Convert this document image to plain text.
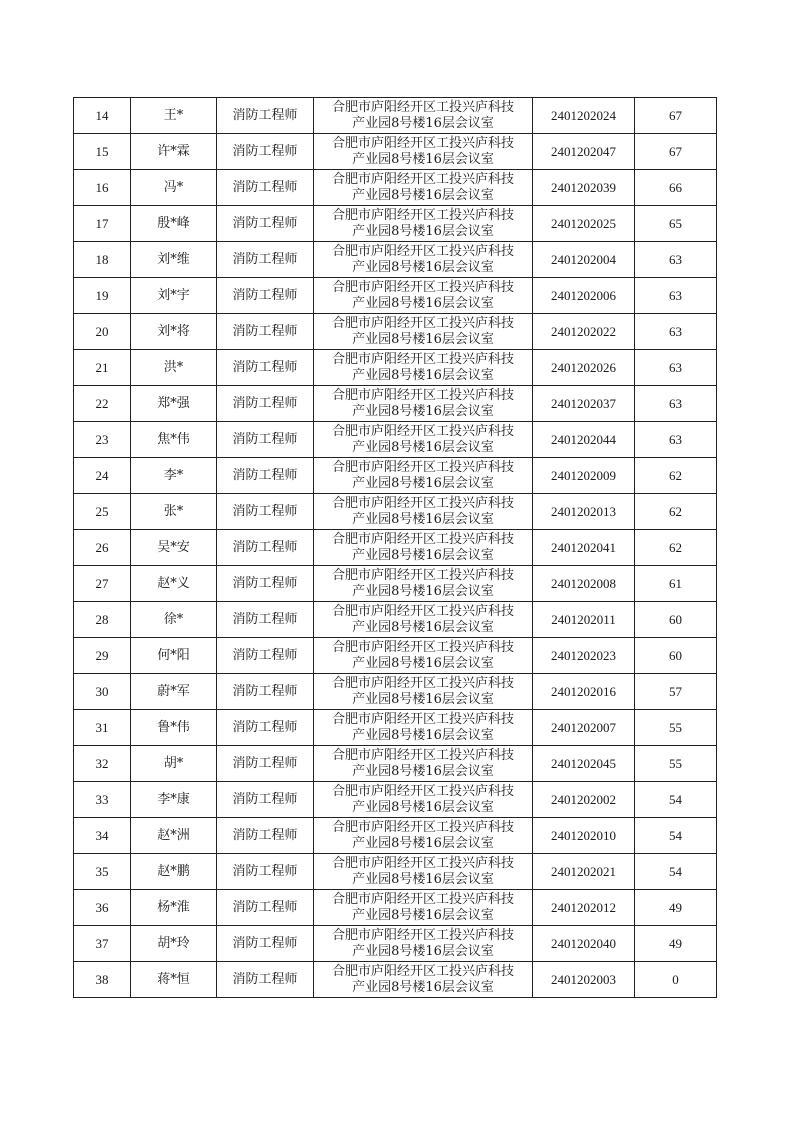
14	王*	消防工程师	合肥市庐阳经开区工投兴庐科技
产业园8号楼16层会议室	2401202024	67
15	许*霖	消防工程师	合肥市庐阳经开区工投兴庐科技
产业园8号楼16层会议室	2401202047	67
16	冯*	消防工程师	合肥市庐阳经开区工投兴庐科技
产业园8号楼16层会议室	2401202039	66
17	殷*峰	消防工程师	合肥市庐阳经开区工投兴庐科技
产业园8号楼16层会议室	2401202025	65
18	刘*维	消防工程师	合肥市庐阳经开区工投兴庐科技
产业园8号楼16层会议室	2401202004	63
19	刘*宇	消防工程师	合肥市庐阳经开区工投兴庐科技
产业园8号楼16层会议室	2401202006	63
20	刘*将	消防工程师	合肥市庐阳经开区工投兴庐科技
产业园8号楼16层会议室	2401202022	63
21	洪*	消防工程师	合肥市庐阳经开区工投兴庐科技
产业园8号楼16层会议室	2401202026	63
22	郑*强	消防工程师	合肥市庐阳经开区工投兴庐科技
产业园8号楼16层会议室	2401202037	63
23	焦*伟	消防工程师	合肥市庐阳经开区工投兴庐科技
产业园8号楼16层会议室	2401202044	63
24	李*	消防工程师	合肥市庐阳经开区工投兴庐科技
产业园8号楼16层会议室	2401202009	62
25	张*	消防工程师	合肥市庐阳经开区工投兴庐科技
产业园8号楼16层会议室	2401202013	62
26	吴*安	消防工程师	合肥市庐阳经开区工投兴庐科技
产业园8号楼16层会议室	2401202041	62
27	赵*义	消防工程师	合肥市庐阳经开区工投兴庐科技
产业园8号楼16层会议室	2401202008	61
28	徐*	消防工程师	合肥市庐阳经开区工投兴庐科技
产业园8号楼16层会议室	2401202011	60
29	何*阳	消防工程师	合肥市庐阳经开区工投兴庐科技
产业园8号楼16层会议室	2401202023	60
30	蔚*军	消防工程师	合肥市庐阳经开区工投兴庐科技
产业园8号楼16层会议室	2401202016	57
31	鲁*伟	消防工程师	合肥市庐阳经开区工投兴庐科技
产业园8号楼16层会议室	2401202007	55
32	胡*	消防工程师	合肥市庐阳经开区工投兴庐科技
产业园8号楼16层会议室	2401202045	55
33	李*康	消防工程师	合肥市庐阳经开区工投兴庐科技
产业园8号楼16层会议室	2401202002	54
34	赵*洲	消防工程师	合肥市庐阳经开区工投兴庐科技
产业园8号楼16层会议室	2401202010	54
35	赵*鹏	消防工程师	合肥市庐阳经开区工投兴庐科技
产业园8号楼16层会议室	2401202021	54
36	杨*淮	消防工程师	合肥市庐阳经开区工投兴庐科技
产业园8号楼16层会议室	2401202012	49
37	胡*玲	消防工程师	合肥市庐阳经开区工投兴庐科技
产业园8号楼16层会议室	2401202040	49
38	蒋*恒	消防工程师	合肥市庐阳经开区工投兴庐科技
产业园8号楼16层会议室	2401202003	0
